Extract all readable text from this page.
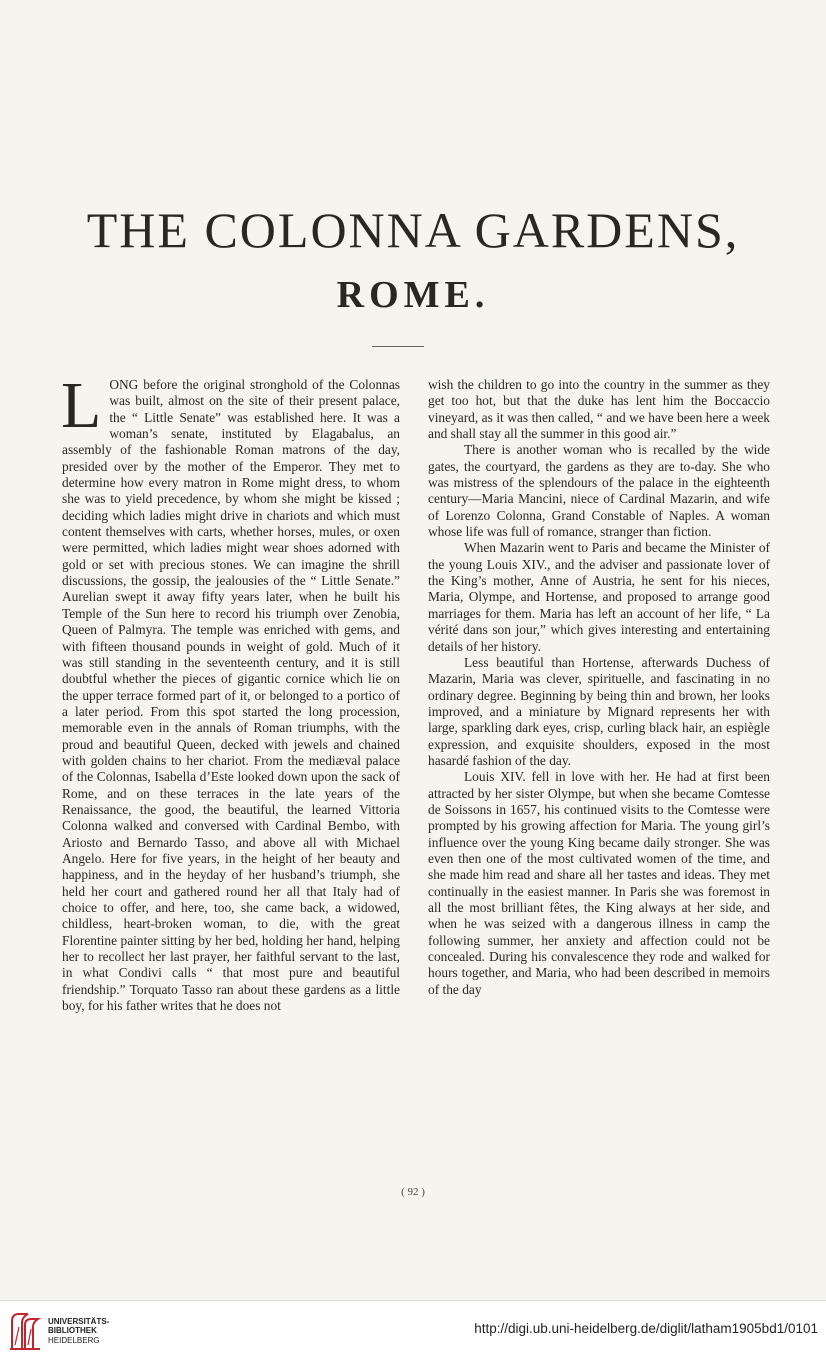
THE COLONNA GARDENS,
ROME.

LONG before the original stronghold of the Colonnas was built, almost on the site of their present palace, the “ Little Senate” was established here. It was a woman’s senate, instituted by Elagabalus, an assembly of the fashionable Roman matrons of the day, presided over by the mother of the Emperor. They met to determine how every matron in Rome might dress, to whom she was to yield precedence, by whom she might be kissed ; deciding which ladies might drive in chariots and which must content themselves with carts, whether horses, mules, or oxen were permitted, which ladies might wear shoes adorned with gold or set with precious stones. We can imagine the shrill discussions, the gossip, the jealousies of the “ Little Senate.” Aurelian swept it away fifty years later, when he built his Temple of the Sun here to record his triumph over Zenobia, Queen of Palmyra. The temple was enriched with gems, and with fifteen thousand pounds in weight of gold. Much of it was still standing in the seventeenth century, and it is still doubtful whether the pieces of gigantic cornice which lie on the upper terrace formed part of it, or belonged to a portico of a later period. From this spot started the long procession, memorable even in the annals of Roman triumphs, with the proud and beautiful Queen, decked with jewels and chained with golden chains to her chariot. From the mediæval palace of the Colonnas, Isabella d’Este looked down upon the sack of Rome, and on these terraces in the late years of the Renaissance, the good, the beautiful, the learned Vittoria Colonna walked and conversed with Cardinal Bembo, with Ariosto and Bernardo Tasso, and above all with Michael Angelo. Here for five years, in the height of her beauty and happiness, and in the heyday of her husband’s triumph, she held her court and gathered round her all that Italy had of choice to offer, and here, too, she came back, a widowed, childless, heart-broken woman, to die, with the great Florentine painter sitting by her bed, holding her hand, helping her to recollect her last prayer, her faithful servant to the last, in what Condivi calls “ that most pure and beautiful friendship.” Torquato Tasso ran about these gardens as a little boy, for his father writes that he does not

wish the children to go into the country in the summer as they get too hot, but that the duke has lent him the Boccaccio vineyard, as it was then called, “ and we have been here a week and shall stay all the summer in this good air.”

There is another woman who is recalled by the wide gates, the courtyard, the gardens as they are to-day. She who was mistress of the splendours of the palace in the eighteenth century—Maria Mancini, niece of Cardinal Mazarin, and wife of Lorenzo Colonna, Grand Constable of Naples. A woman whose life was full of romance, stranger than fiction.

When Mazarin went to Paris and became the Minister of the young Louis XIV., and the adviser and passionate lover of the King’s mother, Anne of Austria, he sent for his nieces, Maria, Olympe, and Hortense, and proposed to arrange good marriages for them. Maria has left an account of her life, “ La vérité dans son jour,” which gives interesting and entertaining details of her history.

Less beautiful than Hortense, afterwards Duchess of Mazarin, Maria was clever, spirituelle, and fascinating in no ordinary degree. Beginning by being thin and brown, her looks improved, and a miniature by Mignard represents her with large, sparkling dark eyes, crisp, curling black hair, an espiègle expression, and exquisite shoulders, exposed in the most hasardé fashion of the day.

Louis XIV. fell in love with her. He had at first been attracted by her sister Olympe, but when she became Comtesse de Soissons in 1657, his continued visits to the Comtesse were prompted by his growing affection for Maria. The young girl’s influence over the young King became daily stronger. She was even then one of the most cultivated women of the time, and she made him read and share all her tastes and ideas. They met continually in the easiest manner. In Paris she was foremost in all the most brilliant fêtes, the King always at her side, and when he was seized with a dangerous illness in camp the following summer, her anxiety and affection could not be concealed. During his convalescence they rode and walked for hours together, and Maria, who had been described in memoirs of the day

( 92 )
UNIVERSITÄTS-
BIBLIOTHEK
HEIDELBERG
http://digi.ub.uni-heidelberg.de/diglit/latham1905bd1/0101
